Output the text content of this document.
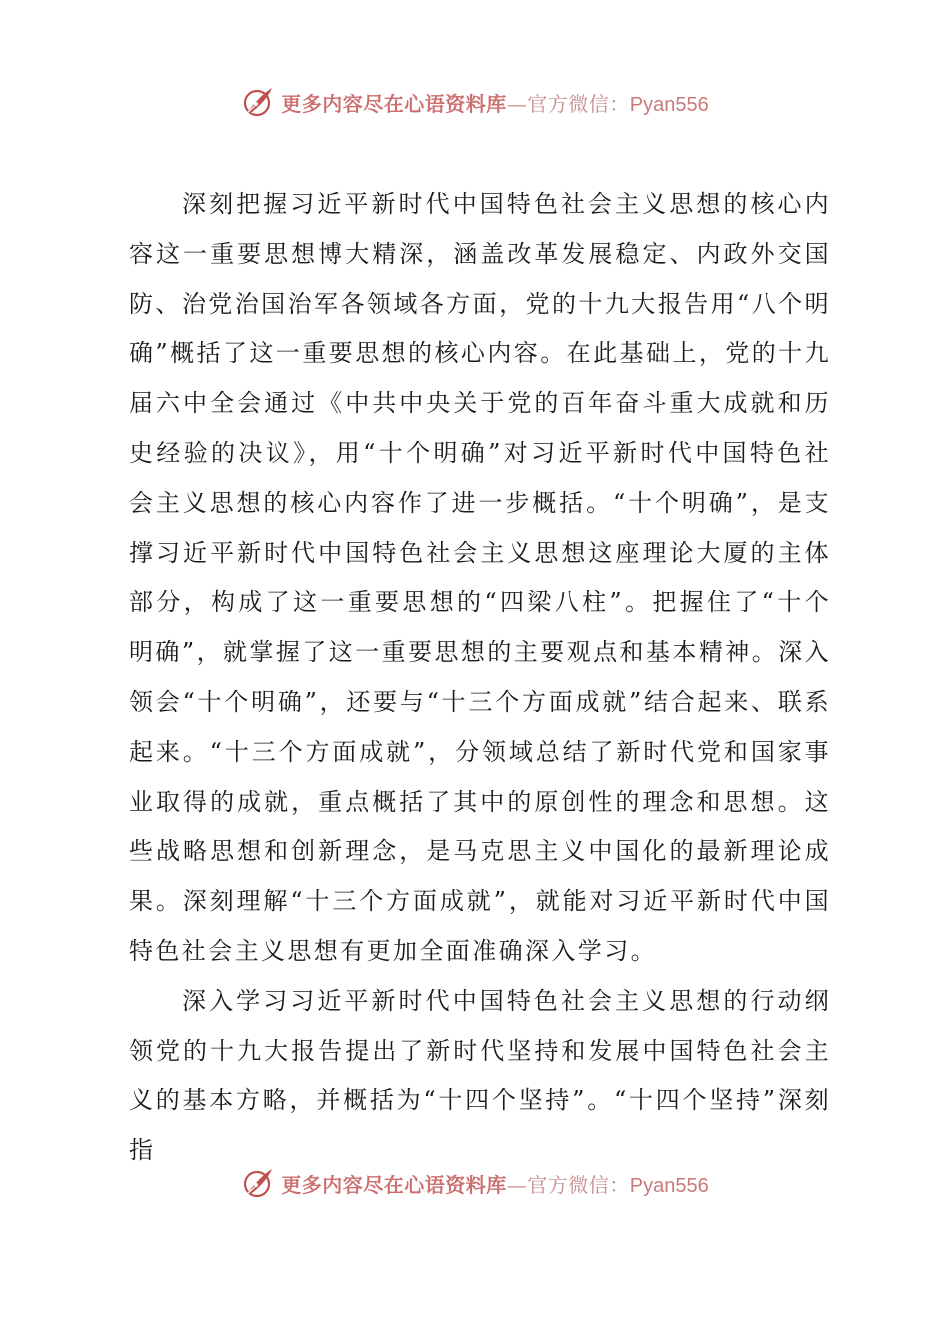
更多内容尽在心语资料库—官方微信：Pyan556

深刻把握习近平新时代中国特色社会主义思想的核心内容这一重要思想博大精深，涵盖改革发展稳定、内政外交国防、治党治国治军各领域各方面，党的十九大报告用“八个明确”概括了这一重要思想的核心内容。在此基础上，党的十九届六中全会通过《中共中央关于党的百年奋斗重大成就和历史经验的决议》，用“十个明确”对习近平新时代中国特色社会主义思想的核心内容作了进一步概括。“十个明确”，是支撑习近平新时代中国特色社会主义思想这座理论大厦的主体部分，构成了这一重要思想的“四梁八柱”。把握住了“十个明确”，就掌握了这一重要思想的主要观点和基本精神。深入领会“十个明确”，还要与“十三个方面成就”结合起来、联系起来。“十三个方面成就”，分领域总结了新时代党和国家事业取得的成就，重点概括了其中的原创性的理念和思想。这些战略思想和创新理念，是马克思主义中国化的最新理论成果。深刻理解“十三个方面成就”，就能对习近平新时代中国特色社会主义思想有更加全面准确深入学习。

深入学习习近平新时代中国特色社会主义思想的行动纲领党的十九大报告提出了新时代坚持和发展中国特色社会主义的基本方略，并概括为“十四个坚持”。“十四个坚持”深刻指

更多内容尽在心语资料库—官方微信：Pyan556
